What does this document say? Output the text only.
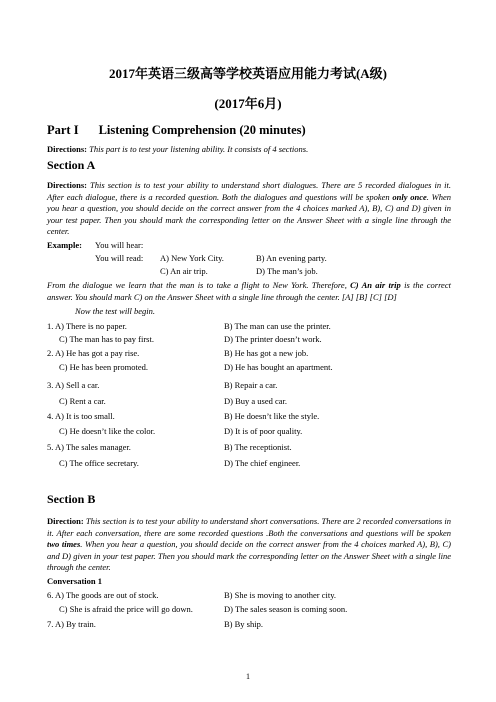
2017年英语三级高等学校英语应用能力考试(A级)
(2017年6月)
Part I Listening Comprehension (20 minutes)
Directions: This part is to test your listening ability. It consists of 4 sections.
Section A
Directions: This section is to test your ability to understand short dialogues. There are 5 recorded dialogues in it. After each dialogue, there is a recorded question. Both the dialogues and questions will be spoken only once. When you hear a question, you should decide on the correct answer from the 4 choices marked A), B), C) and D) given in your test paper. Then you should mark the corresponding letter on the Answer Sheet with a single line through the center.
Example: You will hear:
You will read: A) New York City.	B) An evening party.
C) An air trip.	D) The man’s job.
From the dialogue we learn that the man is to take a flight to New York. Therefore, C) An air trip is the correct answer. You should mark C) on the Answer Sheet with a single line through the center. [A] [B] [C] [D]
Now the test will begin.
1. A) There is no paper.	B) The man can use the printer.
C) The man has to pay first.	D) The printer doesn’t work.
2. A) He has got a pay rise.	B) He has got a new job.
C) He has been promoted.	D) He has bought an apartment.
3. A) Sell a car.	B) Repair a car.
C) Rent a car.	D) Buy a used car.
4. A) It is too small.	B) He doesn’t like the style.
C) He doesn’t like the color.	D) It is of poor quality.
5. A) The sales manager.	B) The receptionist.
C) The office secretary.	D) The chief engineer.
Section B
Direction: This section is to test your ability to understand short conversations. There are 2 recorded conversations in it. After each conversation, there are some recorded questions .Both the conversations and questions will be spoken two times. When you hear a question, you should decide on the correct answer from the 4 choices marked A), B), C) and D) given in your test paper. Then you should mark the corresponding letter on the Answer Sheet with a single line through the center.
Conversation 1
6. A) The goods are out of stock.	B) She is moving to another city.
C) She is afraid the price will go down.	D) The sales season is coming soon.
7. A) By train.	B) By ship.
1
